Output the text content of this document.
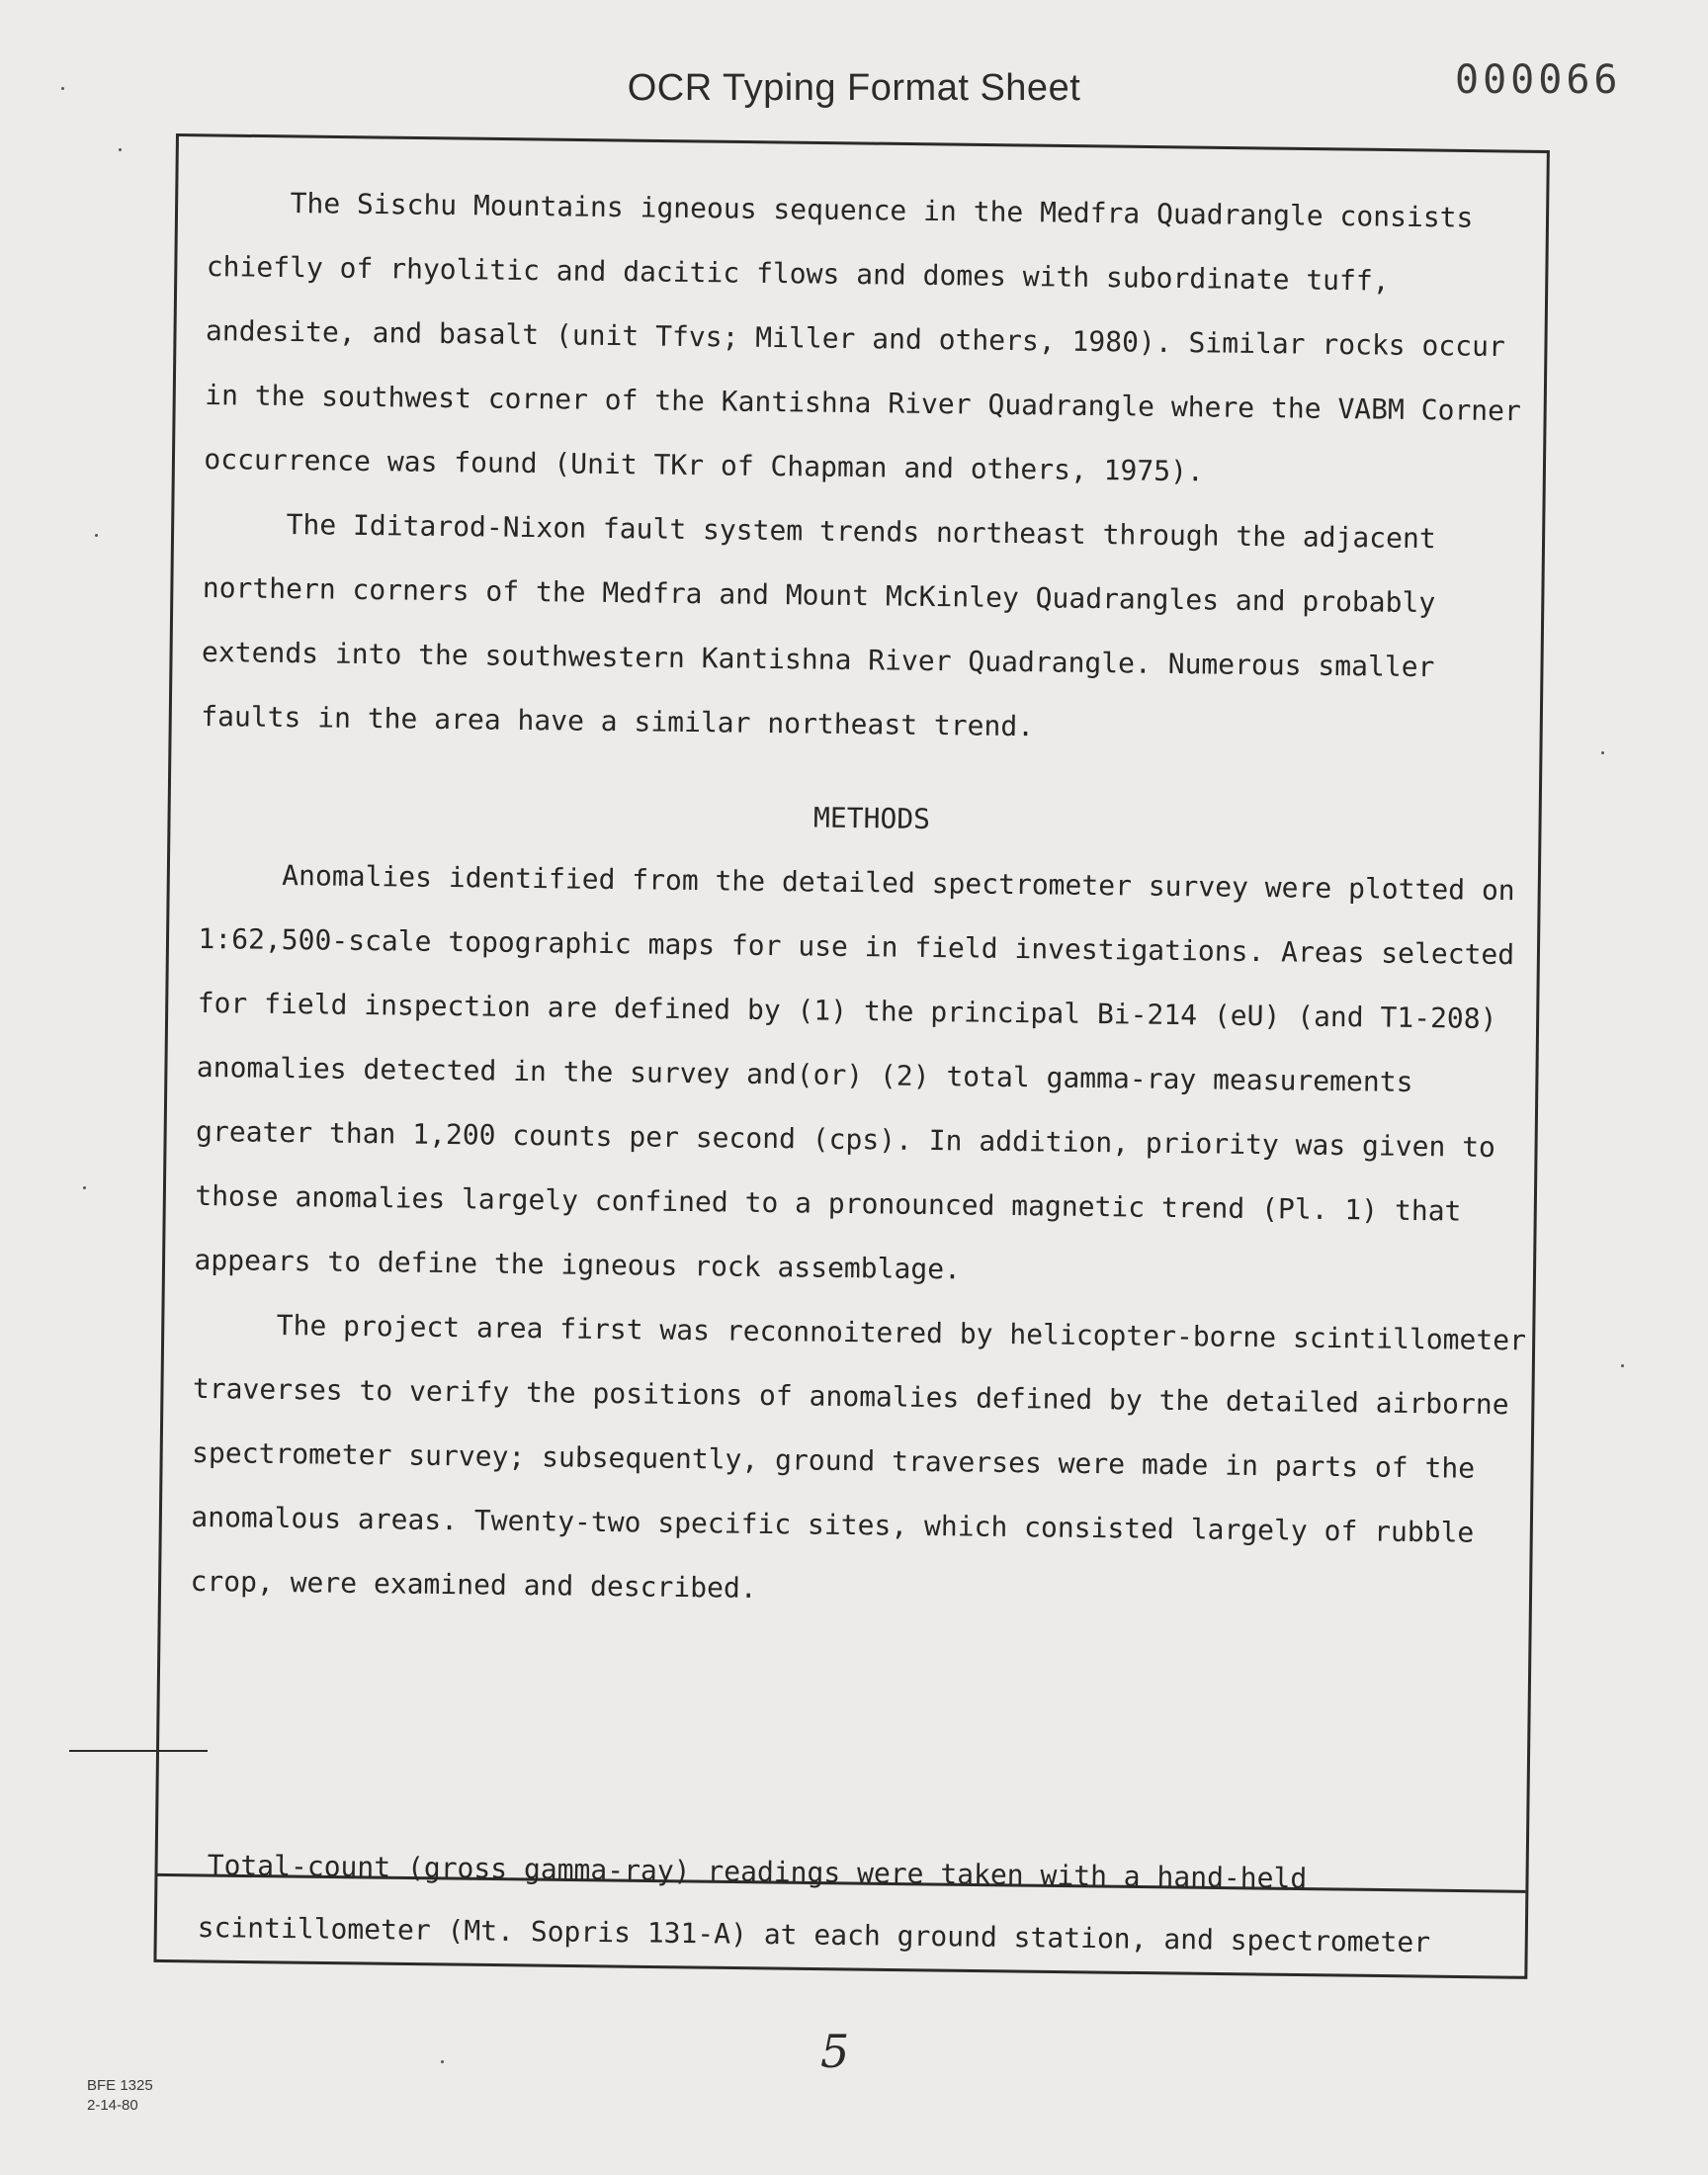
OCR Typing Format Sheet	000066

The Sischu Mountains igneous sequence in the Medfra Quadrangle consists chiefly of rhyolitic and dacitic flows and domes with subordinate tuff, andesite, and basalt (unit Tfvs; Miller and others, 1980). Similar rocks occur in the southwest corner of the Kantishna River Quadrangle where the VABM Corner occurrence was found (Unit TKr of Chapman and others, 1975).

The Iditarod-Nixon fault system trends northeast through the adjacent northern corners of the Medfra and Mount McKinley Quadrangles and probably extends into the southwestern Kantishna River Quadrangle. Numerous smaller faults in the area have a similar northeast trend.

METHODS

Anomalies identified from the detailed spectrometer survey were plotted on 1:62,500-scale topographic maps for use in field investigations. Areas selected for field inspection are defined by (1) the principal Bi-214 (eU) (and T1-208) anomalies detected in the survey and(or) (2) total gamma-ray measurements greater than 1,200 counts per second (cps). In addition, priority was given to those anomalies largely confined to a pronounced magnetic trend (Pl. 1) that appears to define the igneous rock assemblage.

The project area first was reconnoitered by helicopter-borne scintillometer traverses to verify the positions of anomalies defined by the detailed airborne spectrometer survey; subsequently, ground traverses were made in parts of the anomalous areas. Twenty-two specific sites, which consisted largely of rubble crop, were examined and described.

Total-count (gross gamma-ray) readings were taken with a hand-held
scintillometer (Mt. Sopris 131-A) at each ground station, and spectrometer
5
BFE 1325
2-14-80
